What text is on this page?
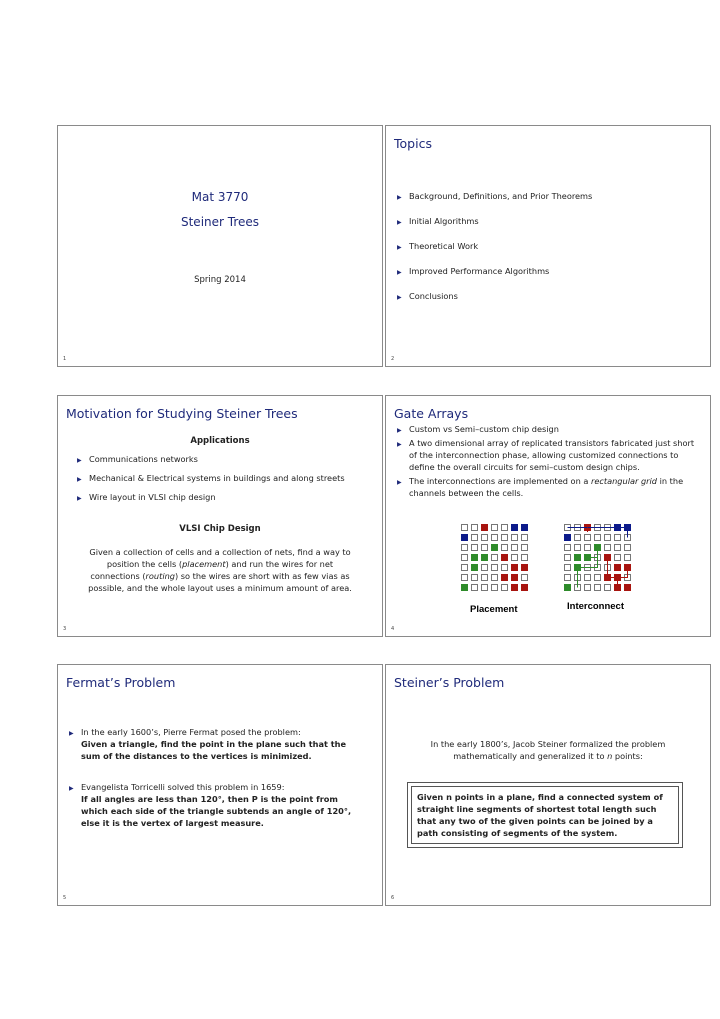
Mat 3770
Steiner Trees
Spring 2014
1
Topics
▶ Background, Definitions, and Prior Theorems
▶ Initial Algorithms
▶ Theoretical Work
▶ Improved Performance Algorithms
▶ Conclusions
2
Motivation for Studying Steiner Trees
Applications
▶ Communications networks
▶ Mechanical & Electrical systems in buildings and along streets
▶ Wire layout in VLSI chip design
VLSI Chip Design
Given a collection of cells and a collection of nets, find a way to
position the cells (placement) and run the wires for net
connections (routing) so the wires are short with as few vias as
possible, and the whole layout uses a minimum amount of area.
3
Gate Arrays
▶ Custom vs Semi–custom chip design
▶ A two dimensional array of replicated transistors fabricated just short of the interconnection phase, allowing customized connections to define the overall circuits for semi–custom design chips.
▶ The interconnections are implemented on a rectangular grid in the channels between the cells.
Placement	Interconnect
4
Fermat’s Problem
▶ In the early 1600’s, Pierre Fermat posed the problem:
Given a triangle, find the point in the plane such that the sum of the distances to the vertices is minimized.
▶ Evangelista Torricelli solved this problem in 1659:
If all angles are less than 120°, then P is the point from which each side of the triangle subtends an angle of 120°, else it is the vertex of largest measure.
5
Steiner’s Problem
In the early 1800’s, Jacob Steiner formalized the problem
mathematically and generalized it to n points:
Given n points in a plane, find a connected system of straight line segments of shortest total length such that any two of the given points can be joined by a path consisting of segments of the system.
6
